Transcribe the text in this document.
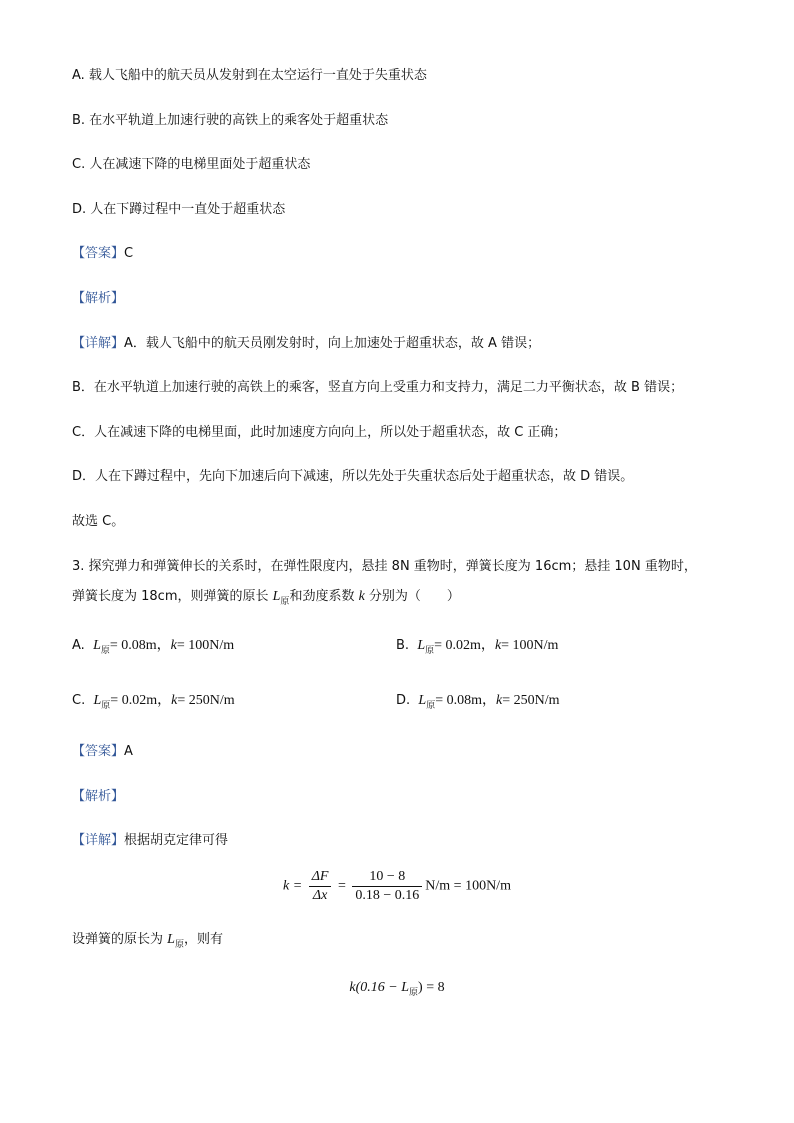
A. 载人飞船中的航天员从发射到在太空运行一直处于失重状态
B. 在水平轨道上加速行驶的高铁上的乘客处于超重状态
C. 人在减速下降的电梯里面处于超重状态
D. 人在下蹲过程中一直处于超重状态
【答案】C
【解析】
【详解】A．载人飞船中的航天员刚发射时，向上加速处于超重状态，故 A 错误；
B．在水平轨道上加速行驶的高铁上的乘客，竖直方向上受重力和支持力，满足二力平衡状态，故 B 错误；
C．人在减速下降的电梯里面，此时加速度方向向上，所以处于超重状态，故 C 正确；
D．人在下蹲过程中，先向下加速后向下减速，所以先处于失重状态后处于超重状态，故 D 错误。
故选 C。
3. 探究弹力和弹簧伸长的关系时，在弹性限度内，悬挂 8N 重物时，弹簧长度为 16cm；悬挂 10N 重物时，
弹簧长度为 18cm，则弹簧的原长 $L_原$和劲度系数 k 分别为（　　）
A. $L_原= 0.08m$，k= 100N/m	B. $L_原= 0.02m$，k= 100N/m
C. $L_原= 0.02m$，k= 250N/m	D. $L_原= 0.08m$，k= 250N/m
【答案】A
【解析】
【详解】根据胡克定律可得
$k = \frac{\Delta F}{\Delta x} = \frac{10 - 8}{0.18 - 0.16} N/m = 100N/m$
设弹簧的原长为 $L_原$，则有
$k(0.16 - L_原) = 8$
